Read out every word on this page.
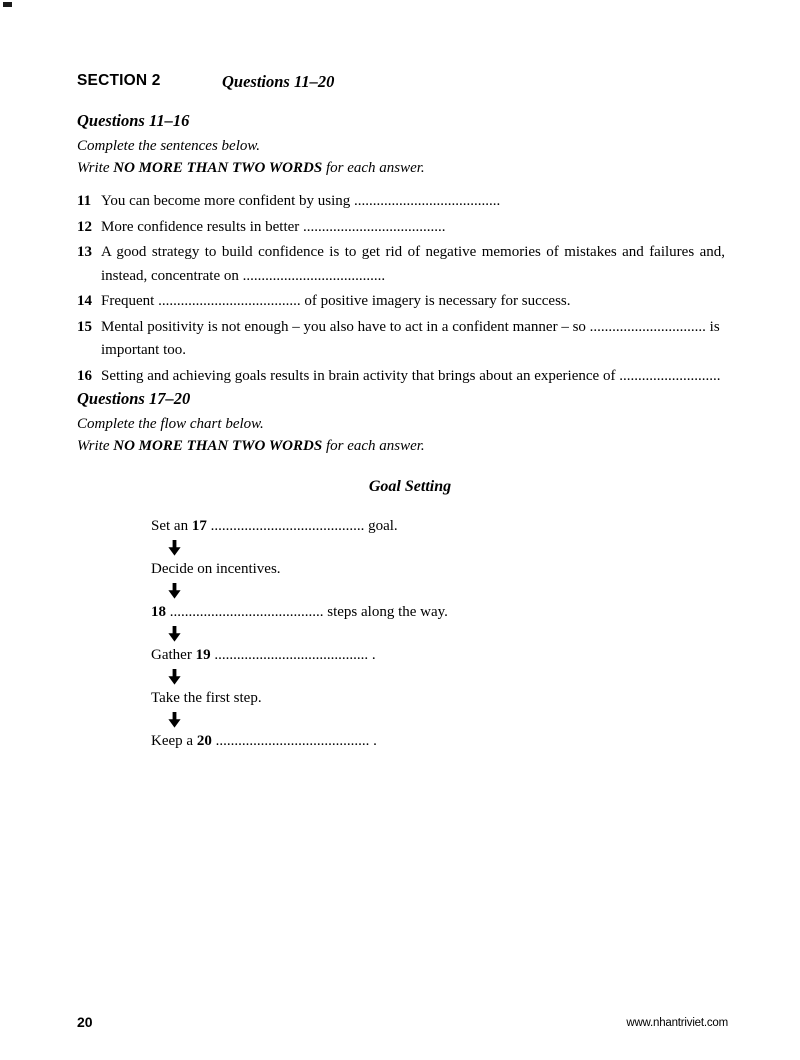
SECTION 2	Questions 11–20
Questions 11–16
Complete the sentences below.
Write NO MORE THAN TWO WORDS for each answer.
11 You can become more confident by using .......................................
12 More confidence results in better ......................................
13 A good strategy to build confidence is to get rid of negative memories of mistakes and failures and, instead, concentrate on ......................................
14 Frequent ...................................... of positive imagery is necessary for success.
15 Mental positivity is not enough – you also have to act in a confident manner – so ............................... is important too.
16 Setting and achieving goals results in brain activity that brings about an experience of ...........................
Questions 17–20
Complete the flow chart below.
Write NO MORE THAN TWO WORDS for each answer.
Goal Setting
Set an 17 ......................................... goal.
Decide on incentives.
18 ......................................... steps along the way.
Gather 19 ......................................... .
Take the first step.
Keep a 20 ......................................... .
20	www.nhantriviet.com
